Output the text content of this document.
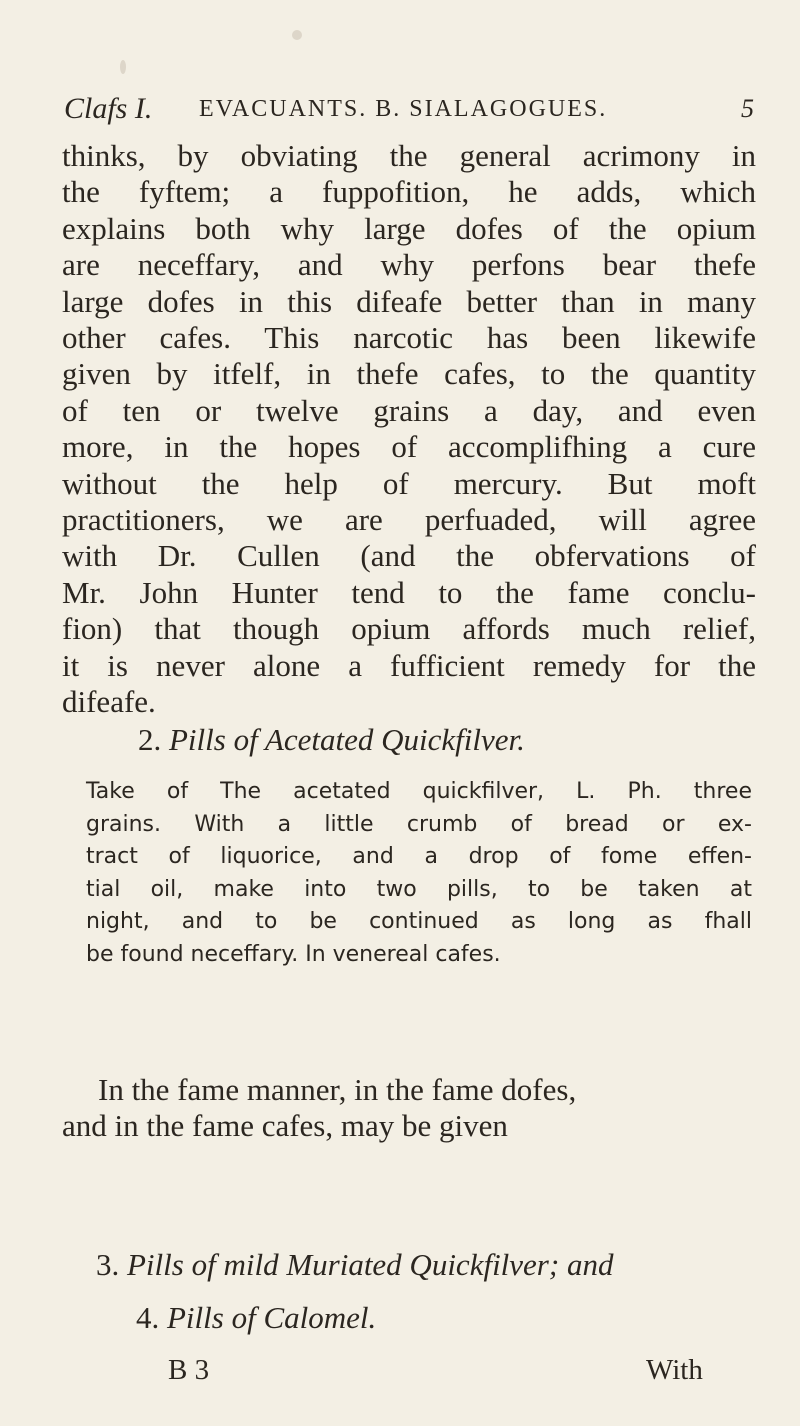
Clafs I. EVACUANTS. B. SIALAGOGUES.	5
thinks, by obviating the general acrimony in
the fyftem; a fuppofition, he adds, which
explains both why large dofes of the opium
are neceffary, and why perfons bear thefe
large dofes in this difeafe better than in many
other cafes. This narcotic has been likewife
given by itfelf, in thefe cafes, to the quantity
of ten or twelve grains a day, and even
more, in the hopes of accomplifhing a cure
without the help of mercury. But moft
practitioners, we are perfuaded, will agree
with Dr. Cullen (and the obfervations of
Mr. John Hunter tend to the fame conclu-
fion) that though opium affords much relief,
it is never alone a fufficient remedy for the
difeafe.
2. Pills of Acetated Quickfilver.
Take of The acetated quickfilver, L. Ph. three
grains. With a little crumb of bread or ex-
tract of liquorice, and a drop of fome effen-
tial oil, make into two pills, to be taken at
night, and to be continued as long as fhall
be found neceffary. In venereal cafes.
In the fame manner, in the fame dofes,
and in the fame cafes, may be given
3. Pills of mild Muriated Quickfilver; and
4. Pills of Calomel.
B 3	With
